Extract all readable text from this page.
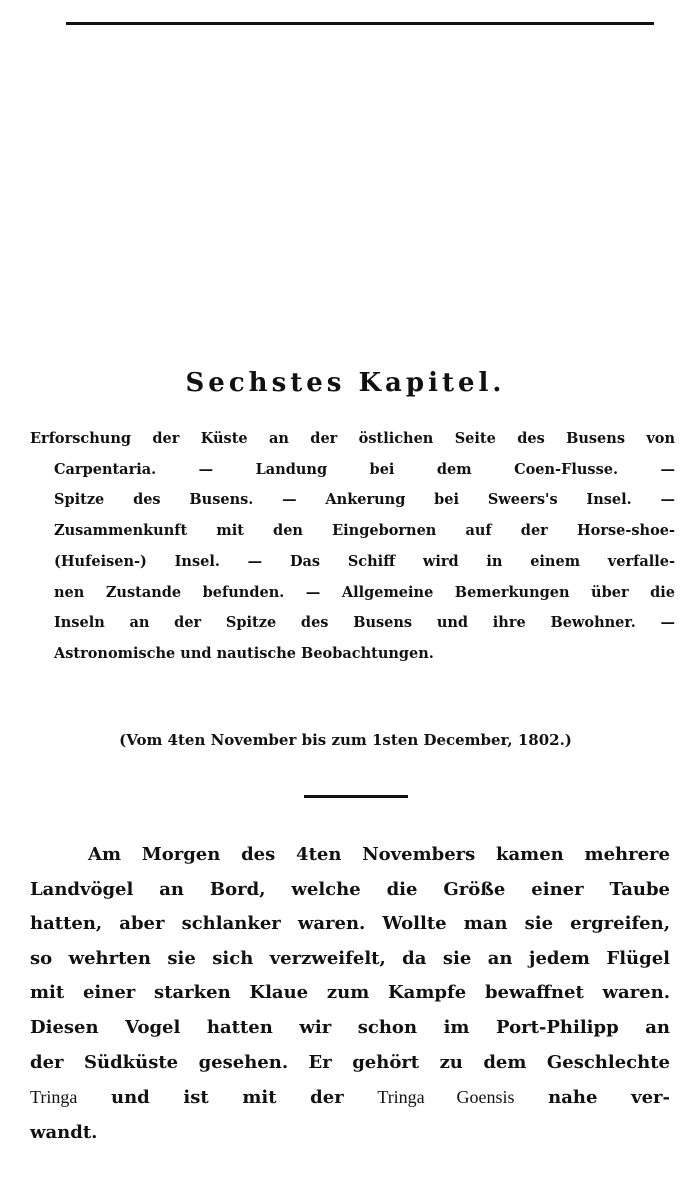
Sechstes Kapitel.
Erforschung der Küste an der östlichen Seite des Busens von
Carpentaria. — Landung bei dem Coen-Flusse. —
Spitze des Busens. — Ankerung bei Sweers's Insel. —
Zusammenkunft mit den Eingebornen auf der Horse-shoe-
(Hufeisen-) Insel. — Das Schiff wird in einem verfalle-
nen Zustande befunden. — Allgemeine Bemerkungen über die
Inseln an der Spitze des Busens und ihre Bewohner. —
Astronomische und nautische Beobachtungen.
(Vom 4ten November bis zum 1sten December, 1802.)
Am Morgen des 4ten Novembers kamen mehrere
Landvögel an Bord, welche die Größe einer Taube
hatten, aber schlanker waren. Wollte man sie ergreifen,
so wehrten sie sich verzweifelt, da sie an jedem Flügel
mit einer starken Klaue zum Kampfe bewaffnet waren.
Diesen Vogel hatten wir schon im Port-Philipp an
der Südküste gesehen. Er gehört zu dem Geschlechte
Tringa und ist mit der Tringa Goensis nahe ver-
wandt.
